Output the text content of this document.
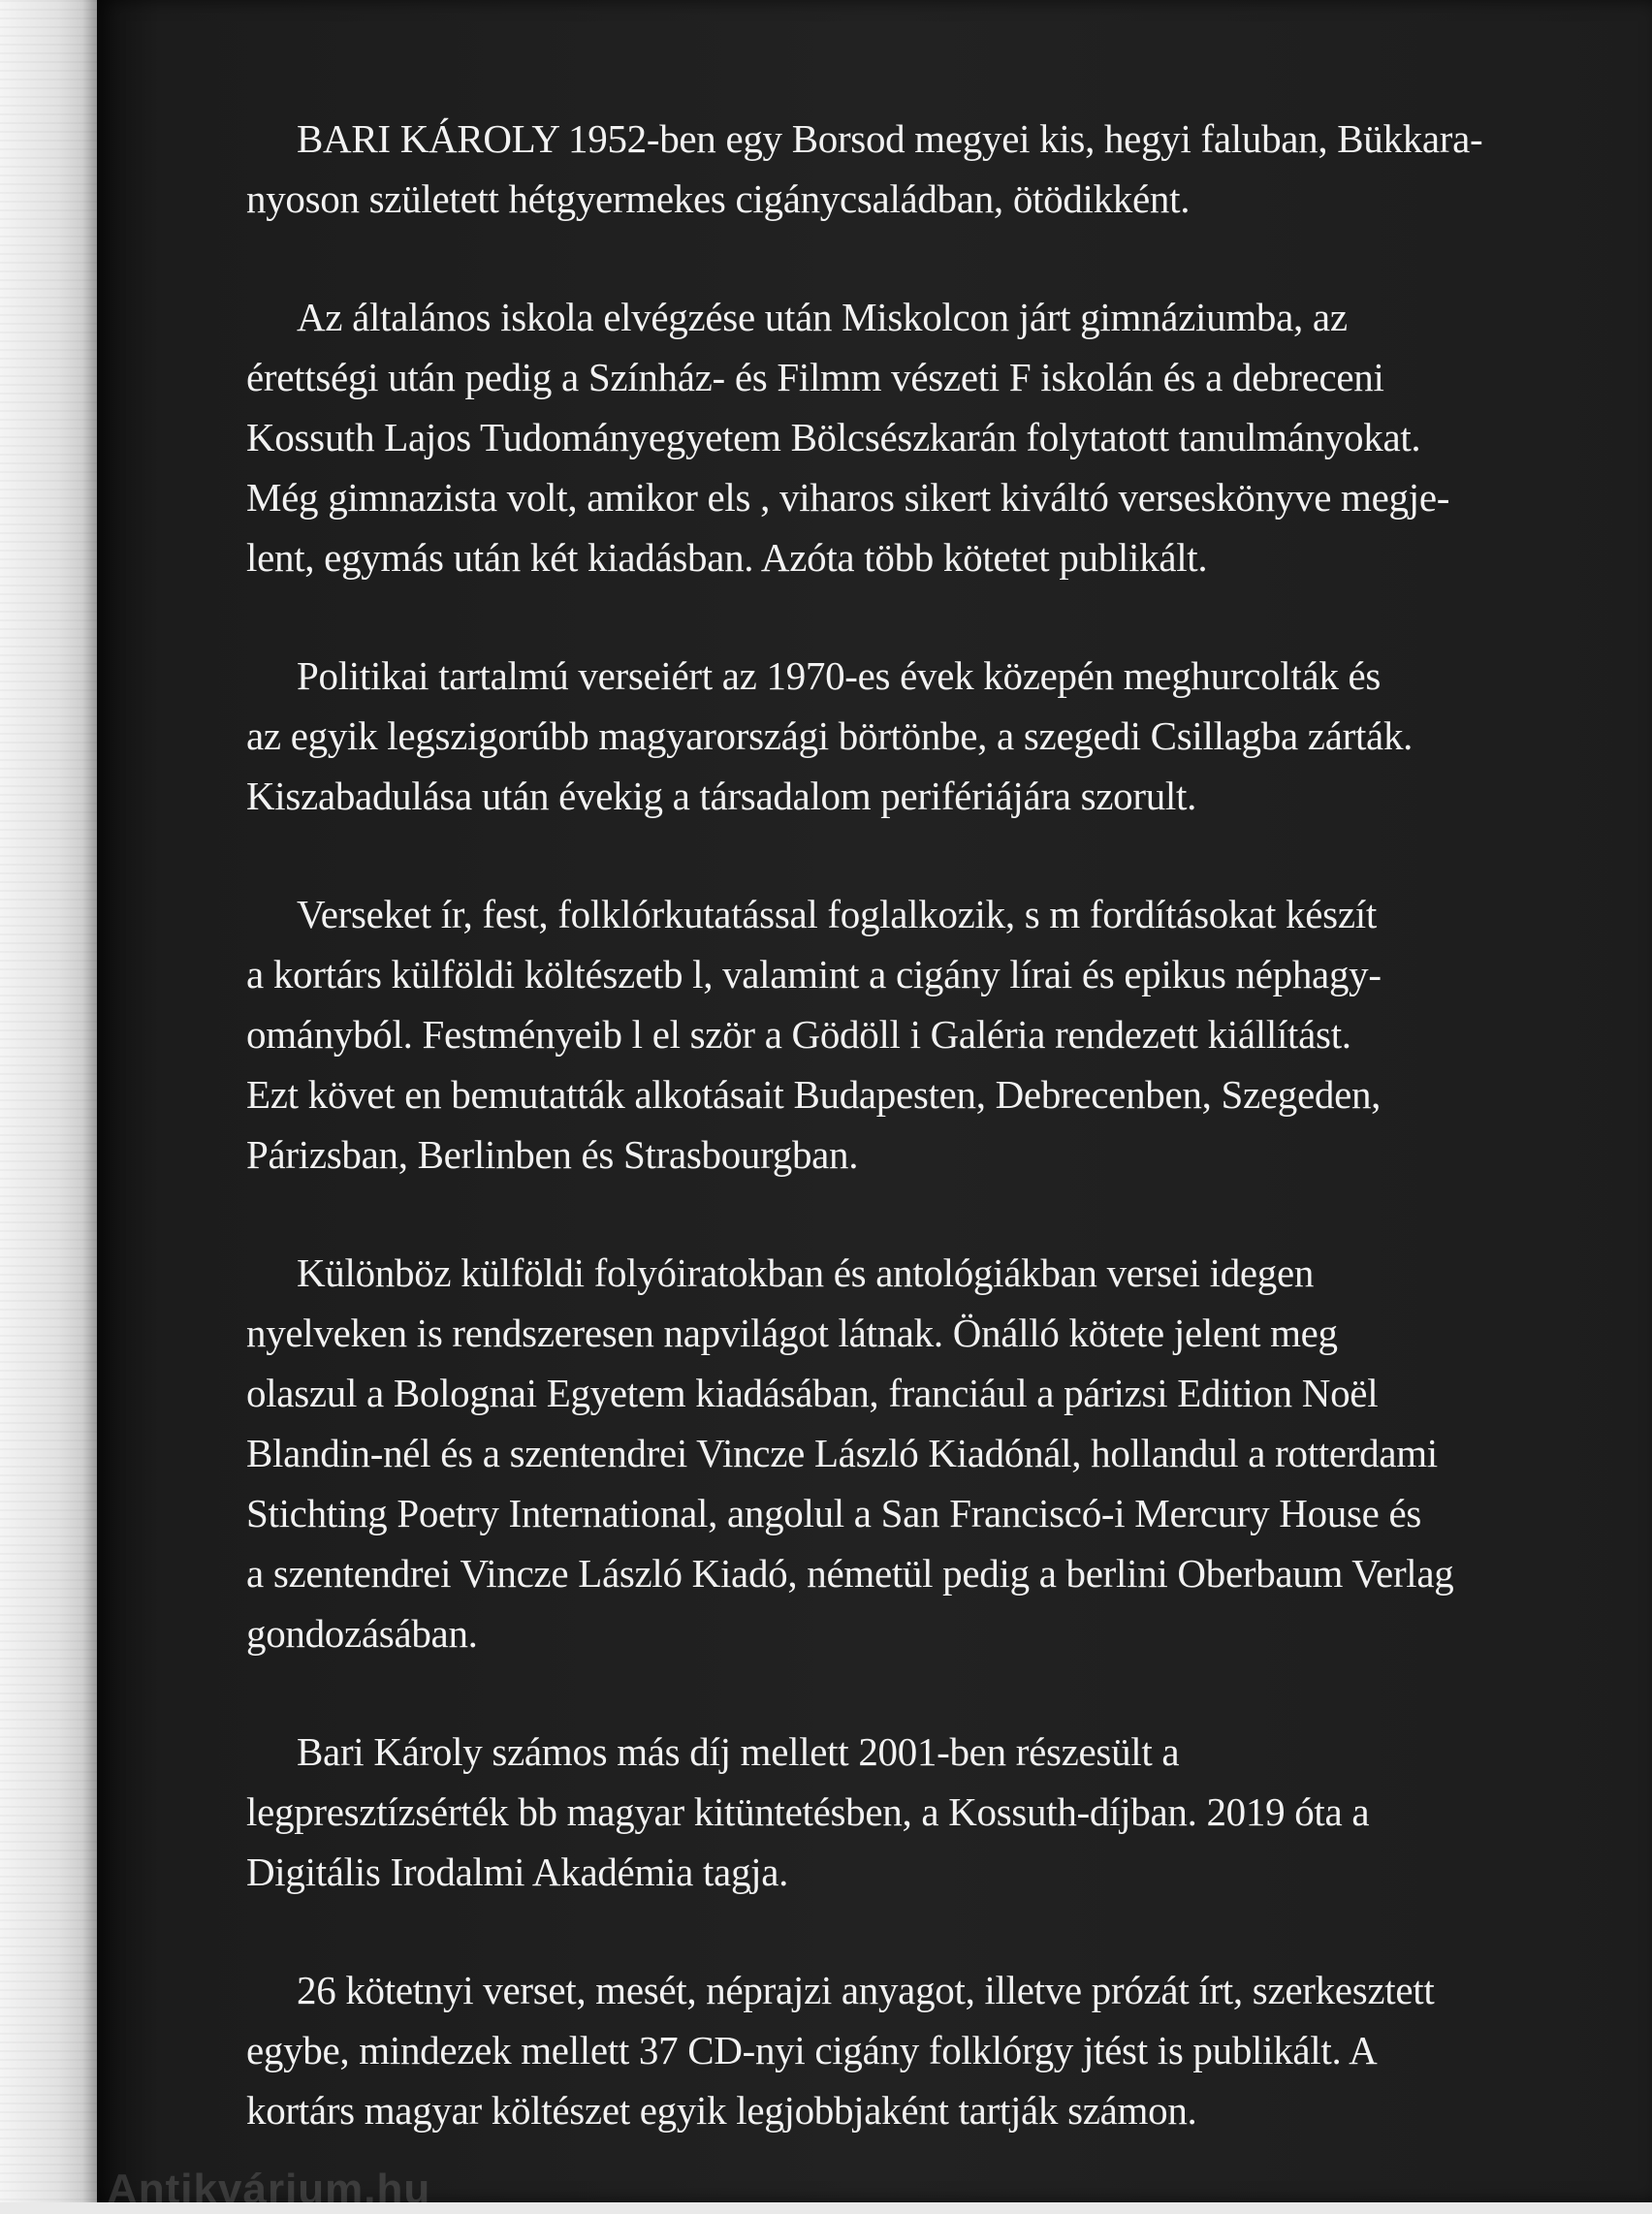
BARI KÁROLY 1952-ben egy Borsod megyei kis, hegyi faluban, Bükkara-
nyoson született hétgyermekes cigánycsaládban, ötödikként.

Az általános iskola elvégzése után Miskolcon járt gimnáziumba, az
érettségi után pedig a Színház- és Filmm vészeti F iskolán és a debreceni
Kossuth Lajos Tudományegyetem Bölcsészkarán folytatott tanulmányokat.
Még gimnazista volt, amikor els , viharos sikert kiváltó verseskönyve megje-
lent, egymás után két kiadásban. Azóta több kötetet publikált.

Politikai tartalmú verseiért az 1970-es évek közepén meghurcolták és
az egyik legszigorúbb magyarországi börtönbe, a szegedi Csillagba zárták.
Kiszabadulása után évekig a társadalom perifériájára szorult.

Verseket ír, fest, folklórkutatással foglalkozik, s m fordításokat készít
a kortárs külföldi költészetb l, valamint a cigány lírai és epikus néphagy-
ományból. Festményeib l el ször a Gödöll i Galéria rendezett kiállítást.
Ezt követ en bemutatták alkotásait Budapesten, Debrecenben, Szegeden,
Párizsban, Berlinben és Strasbourgban.

Különböz külföldi folyóiratokban és antológiákban versei idegen
nyelveken is rendszeresen napvilágot látnak. Önálló kötete jelent meg
olaszul a Bolognai Egyetem kiadásában, franciául a párizsi Edition Noël
Blandin-nél és a szentendrei Vincze László Kiadónál, hollandul a rotterdami
Stichting Poetry International, angolul a San Franciscó-i Mercury House és
a szentendrei Vincze László Kiadó, németül pedig a berlini Oberbaum Verlag
gondozásában.

Bari Károly számos más díj mellett 2001-ben részesült a
legpresztízsérték bb magyar kitüntetésben, a Kossuth-díjban. 2019 óta a
Digitális Irodalmi Akadémia tagja.

26 kötetnyi verset, mesét, néprajzi anyagot, illetve prózát írt, szerkesztett
egybe, mindezek mellett 37 CD-nyi cigány folklórgy jtést is publikált. A
kortárs magyar költészet egyik legjobbjaként tartják számon.

Antikvárium.hu
